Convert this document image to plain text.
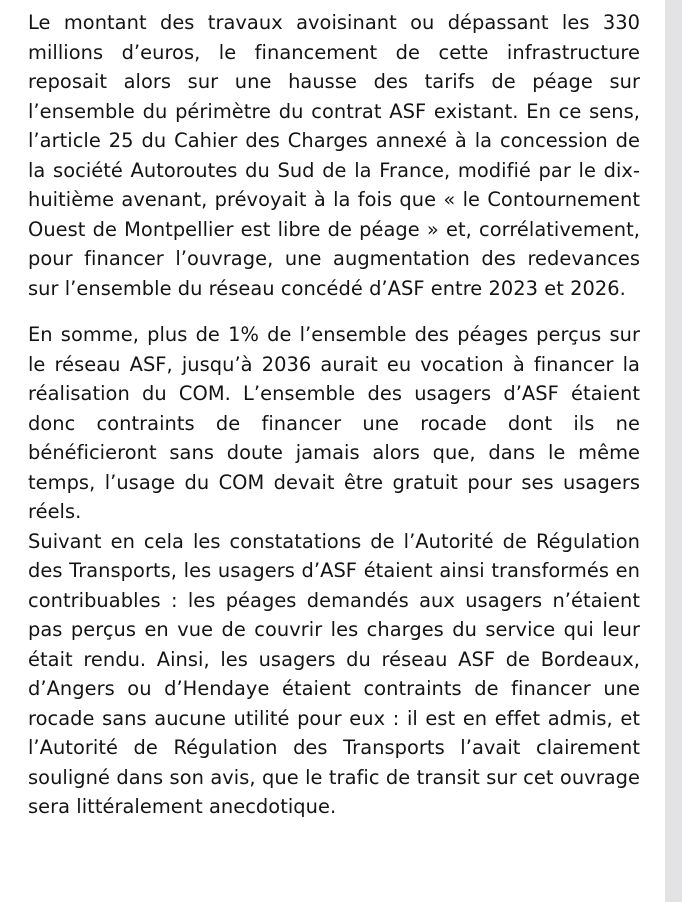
Le montant des travaux avoisinant ou dépassant les 330 millions d’euros, le financement de cette infrastructure reposait alors sur une hausse des tarifs de péage sur l’ensemble du périmètre du contrat ASF existant. En ce sens, l’article 25 du Cahier des Charges annexé à la concession de la société Autoroutes du Sud de la France, modifié par le dix-huitième avenant, prévoyait à la fois que « le Contournement Ouest de Montpellier est libre de péage » et, corrélativement, pour financer l’ouvrage, une augmentation des redevances sur l’ensemble du réseau concédé d’ASF entre 2023 et 2026.

En somme, plus de 1% de l’ensemble des péages perçus sur le réseau ASF, jusqu’à 2036 aurait eu vocation à financer la réalisation du COM. L’ensemble des usagers d’ASF étaient donc contraints de financer une rocade dont ils ne bénéficieront sans doute jamais alors que, dans le même temps, l’usage du COM devait être gratuit pour ses usagers réels.

Suivant en cela les constatations de l’Autorité de Régulation des Transports, les usagers d’ASF étaient ainsi transformés en contribuables : les péages demandés aux usagers n’étaient pas perçus en vue de couvrir les charges du service qui leur était rendu. Ainsi, les usagers du réseau ASF de Bordeaux, d’Angers ou d’Hendaye étaient contraints de financer une rocade sans aucune utilité pour eux : il est en effet admis, et l’Autorité de Régulation des Transports l’avait clairement souligné dans son avis, que le trafic de transit sur cet ouvrage sera littéralement anecdotique.
